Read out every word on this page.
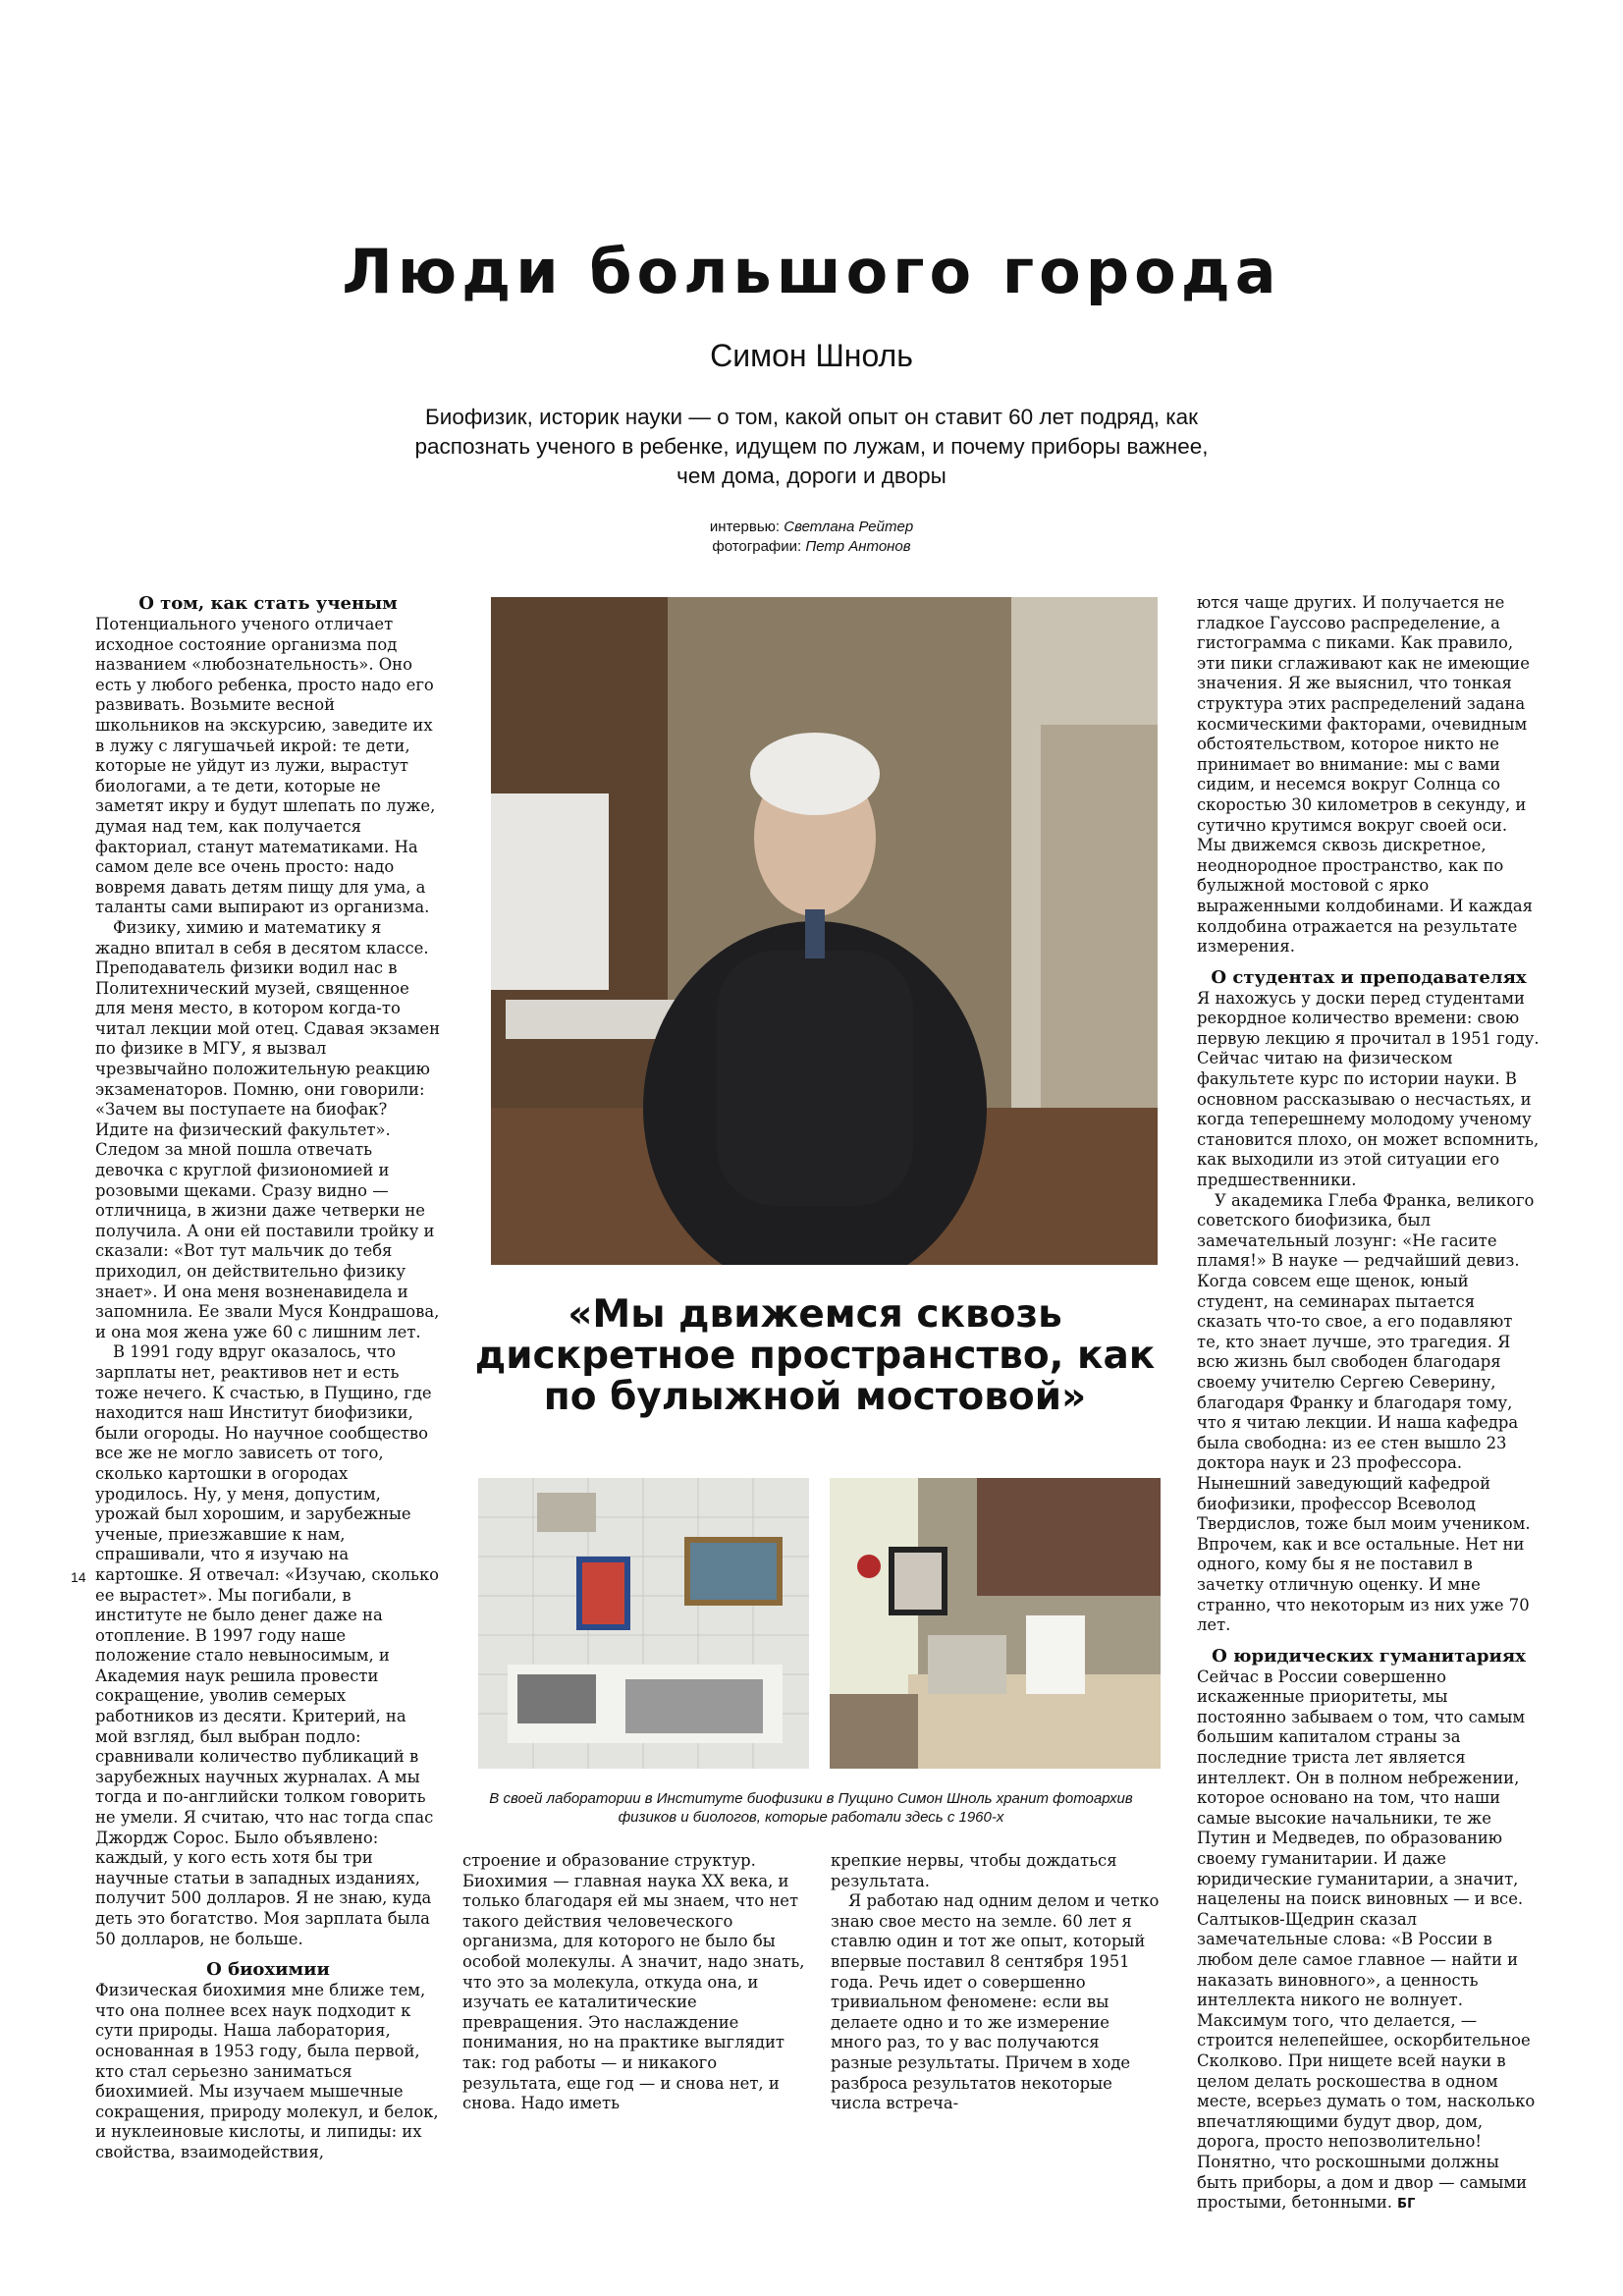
Люди большого города
Симон Шноль
Биофизик, историк науки — о том, какой опыт он ставит 60 лет подряд, как распознать ученого в ребенке, идущем по лужам, и почему приборы важнее, чем дома, дороги и дворы
интервью: Светлана Рейтер
фотографии: Петр Антонов
О том, как стать ученым

Потенциального ученого отличает исходное состояние организма под названием «любознательность». Оно есть у любого ребенка, просто надо его развивать. Возьмите весной школьников на экскурсию, заведите их в лужу с лягушачьей икрой: те дети, которые не уйдут из лужи, вырастут биологами, а те дети, которые не заметят икру и будут шлепать по луже, думая над тем, как получается факториал, станут математиками. На самом деле все очень просто: надо вовремя давать детям пищу для ума, а таланты сами выпирают из организма.

Физику, химию и математику я жадно впитал в себя в десятом классе. Преподаватель физики водил нас в Политехнический музей, священное для меня место, в котором когда-то читал лекции мой отец. Сдавая экзамен по физике в МГУ, я вызвал чрезвычайно положительную реакцию экзаменаторов. Помню, они говорили: «Зачем вы поступаете на биофак? Идите на физический факультет». Следом за мной пошла отвечать девочка с круглой физиономией и розовыми щеками. Сразу видно — отличница, в жизни даже четверки не получила. А они ей поставили тройку и сказали: «Вот тут мальчик до тебя приходил, он действительно физику знает». И она меня возненавидела и запомнила. Ее звали Муся Кондрашова, и она моя жена уже 60 с лишним лет.

В 1991 году вдруг оказалось, что зарплаты нет, реактивов нет и есть тоже нечего. К счастью, в Пущино, где находится наш Институт биофизики, были огороды. Но научное сообщество все же не могло зависеть от того, сколько картошки в огородах уродилось. Ну, у меня, допустим, урожай был хорошим, и зарубежные ученые, приезжавшие к нам, спрашивали, что я изучаю на картошке. Я отвечал: «Изучаю, сколько ее вырастет». Мы погибали, в институте не было денег даже на отопление. В 1997 году наше положение стало невыносимым, и Академия наук решила провести сокращение, уволив семерых работников из десяти. Критерий, на мой взгляд, был выбран подло: сравнивали количество публикаций в зарубежных научных журналах. А мы тогда и по-английски толком говорить не умели. Я считаю, что нас тогда спас Джордж Сорос. Было объявлено: каждый, у кого есть хотя бы три научные статьи в западных изданиях, получит 500 долларов. Я не знаю, куда деть это богатство. Моя зарплата была 50 долларов, не больше.

О биохимии

Физическая биохимия мне ближе тем, что она полнее всех наук подходит к сути природы. Наша лаборатория, основанная в 1953 году, была первой, кто стал серьезно заниматься биохимией. Мы изучаем мышечные сокращения, природу молекул, и белок, и нуклеиновые кислоты, и липиды: их свойства, взаимодействия,

«Мы движемся сквозь дискретное пространство, как по булыжной мостовой»
В своей лаборатории в Институте биофизики в Пущино Симон Шноль хранит фотоархив физиков и биологов, которые работали здесь с 1960-х

строение и образование структур. Биохимия — главная наука XX века, и только благодаря ей мы знаем, что нет такого действия человеческого организма, для которого не было бы особой молекулы. А значит, надо знать, что это за молекула, откуда она, и изучать ее каталитические превращения. Это наслаждение понимания, но на практике выглядит так: год работы — и никакого результата, еще год — и снова нет, и снова. Надо иметь

крепкие нервы, чтобы дождаться результата.

Я работаю над одним делом и четко знаю свое место на земле. 60 лет я ставлю один и тот же опыт, который впервые поставил 8 сентября 1951 года. Речь идет о совершенно тривиальном феномене: если вы делаете одно и то же измерение много раз, то у вас получаются разные результаты. Причем в ходе разброса результатов некоторые числа встреча-

ются чаще других. И получается не гладкое Гауссово распределение, а гистограмма с пиками. Как правило, эти пики сглаживают как не имеющие значения. Я же выяснил, что тонкая структура этих распределений задана космическими факторами, очевидным обстоятельством, которое никто не принимает во внимание: мы с вами сидим, и несемся вокруг Солнца со скоростью 30 километров в секунду, и сутично крутимся вокруг своей оси. Мы движемся сквозь дискретное, неоднородное пространство, как по булыжной мостовой с ярко выраженными колдобинами. И каждая колдобина отражается на результате измерения.

О студентах и преподавателях

Я нахожусь у доски перед студентами рекордное количество времени: свою первую лекцию я прочитал в 1951 году. Сейчас читаю на физическом факультете курс по истории науки. В основном рассказываю о несчастьях, и когда теперешнему молодому ученому становится плохо, он может вспомнить, как выходили из этой ситуации его предшественники.

У академика Глеба Франка, великого советского биофизика, был замечательный лозунг: «Не гасите пламя!» В науке — редчайший девиз. Когда совсем еще щенок, юный студент, на семинарах пытается сказать что-то свое, а его подавляют те, кто знает лучше, это трагедия. Я всю жизнь был свободен благодаря своему учителю Сергею Северину, благодаря Франку и благодаря тому, что я читаю лекции. И наша кафедра была свободна: из ее стен вышло 23 доктора наук и 23 профессора. Нынешний заведующий кафедрой биофизики, профессор Всеволод Твердислов, тоже был моим учеником. Впрочем, как и все остальные. Нет ни одного, кому бы я не поставил в зачетку отличную оценку. И мне странно, что некоторым из них уже 70 лет.

О юридических гуманитариях

Сейчас в России совершенно искаженные приоритеты, мы постоянно забываем о том, что самым большим капиталом страны за последние триста лет является интеллект. Он в полном небрежении, которое основано на том, что наши самые высокие начальники, те же Путин и Медведев, по образованию своему гуманитарии. И даже юридические гуманитарии, а значит, нацелены на поиск виновных — и все. Салтыков-Щедрин сказал замечательные слова: «В России в любом деле самое главное — найти и наказать виновного», а ценность интеллекта никого не волнует. Максимум того, что делается, — строится нелепейшее, оскорбительное Сколково. При нищете всей науки в целом делать роскошества в одном месте, всерьез думать о том, насколько впечатляющими будут двор, дом, дорога, просто непозволительно! Понятно, что роскошными должны быть приборы, а дом и двор — самыми простыми, бетонными. БГ

14
